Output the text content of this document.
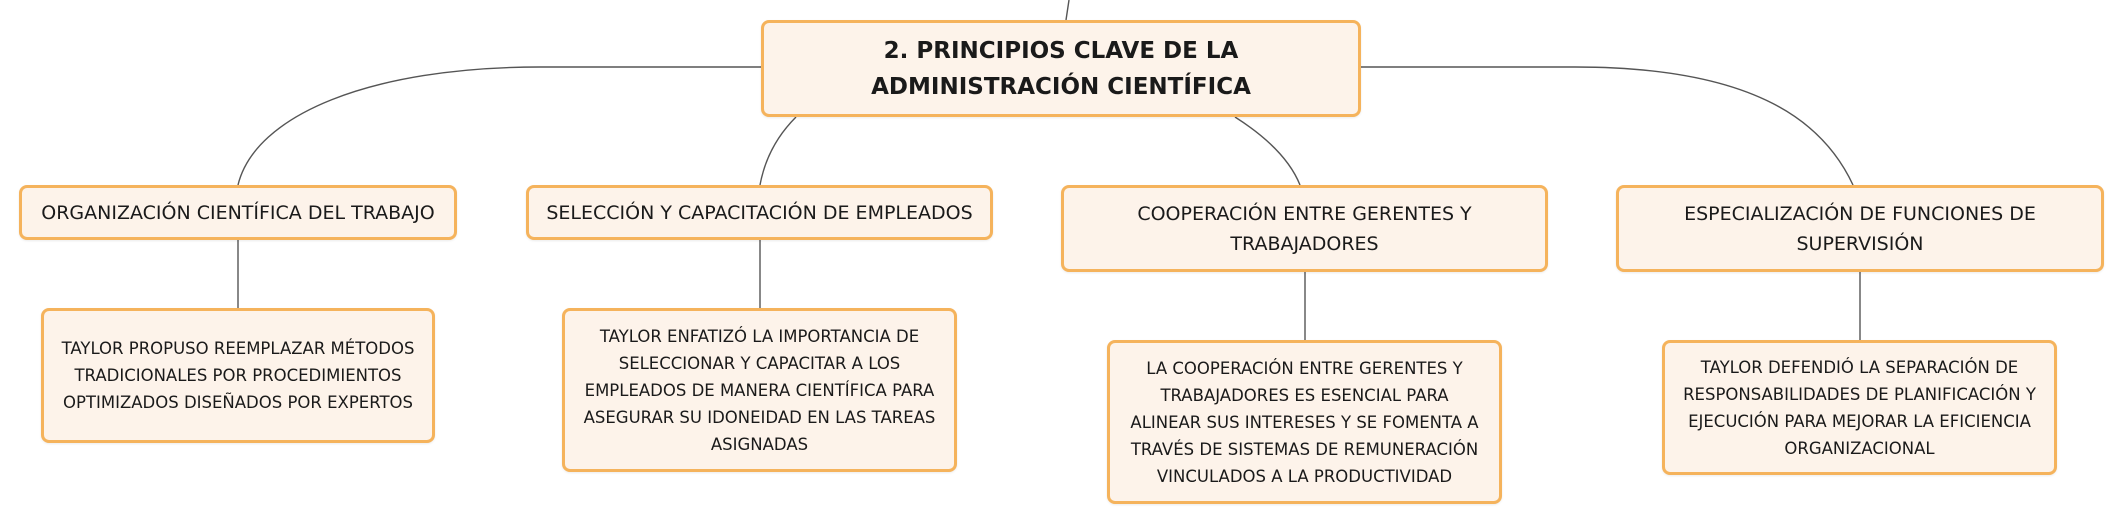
2. PRINCIPIOS CLAVE DE LA ADMINISTRACIÓN CIENTÍFICA
ORGANIZACIÓN CIENTÍFICA DEL TRABAJO
TAYLOR PROPUSO REEMPLAZAR MÉTODOS TRADICIONALES POR PROCEDIMIENTOS OPTIMIZADOS DISEÑADOS POR EXPERTOS
SELECCIÓN Y CAPACITACIÓN DE EMPLEADOS
TAYLOR ENFATIZÓ LA IMPORTANCIA DE SELECCIONAR Y CAPACITAR A LOS EMPLEADOS DE MANERA CIENTÍFICA PARA ASEGURAR SU IDONEIDAD EN LAS TAREAS ASIGNADAS
COOPERACIÓN ENTRE GERENTES Y TRABAJADORES
LA COOPERACIÓN ENTRE GERENTES Y TRABAJADORES ES ESENCIAL PARA ALINEAR SUS INTERESES Y SE FOMENTA A TRAVÉS DE SISTEMAS DE REMUNERACIÓN VINCULADOS A LA PRODUCTIVIDAD
ESPECIALIZACIÓN DE FUNCIONES DE SUPERVISIÓN
TAYLOR DEFENDIÓ LA SEPARACIÓN DE RESPONSABILIDADES DE PLANIFICACIÓN Y EJECUCIÓN PARA MEJORAR LA EFICIENCIA ORGANIZACIONAL
